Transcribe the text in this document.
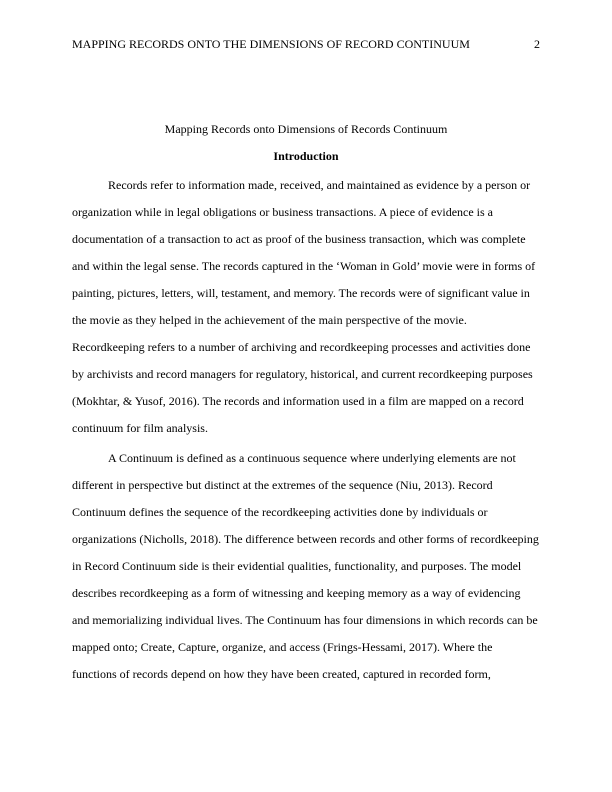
MAPPING RECORDS ONTO THE DIMENSIONS OF RECORD CONTINUUM	2
Mapping Records onto Dimensions of Records Continuum
Introduction
Records refer to information made, received, and maintained as evidence by a person or
organization while in legal obligations or business transactions. A piece of evidence is a
documentation of a transaction to act as proof of the business transaction, which was complete
and within the legal sense. The records captured in the ‘Woman in Gold’ movie were in forms of
painting, pictures, letters, will, testament, and memory. The records were of significant value in
the movie as they helped in the achievement of the main perspective of the movie.
Recordkeeping refers to a number of archiving and recordkeeping processes and activities done
by archivists and record managers for regulatory, historical, and current recordkeeping purposes
(Mokhtar, & Yusof, 2016). The records and information used in a film are mapped on a record
continuum for film analysis.
A Continuum is defined as a continuous sequence where underlying elements are not
different in perspective but distinct at the extremes of the sequence (Niu, 2013). Record
Continuum defines the sequence of the recordkeeping activities done by individuals or
organizations (Nicholls, 2018). The difference between records and other forms of recordkeeping
in Record Continuum side is their evidential qualities, functionality, and purposes. The model
describes recordkeeping as a form of witnessing and keeping memory as a way of evidencing
and memorializing individual lives. The Continuum has four dimensions in which records can be
mapped onto; Create, Capture, organize, and access (Frings-Hessami, 2017). Where the
functions of records depend on how they have been created, captured in recorded form,
